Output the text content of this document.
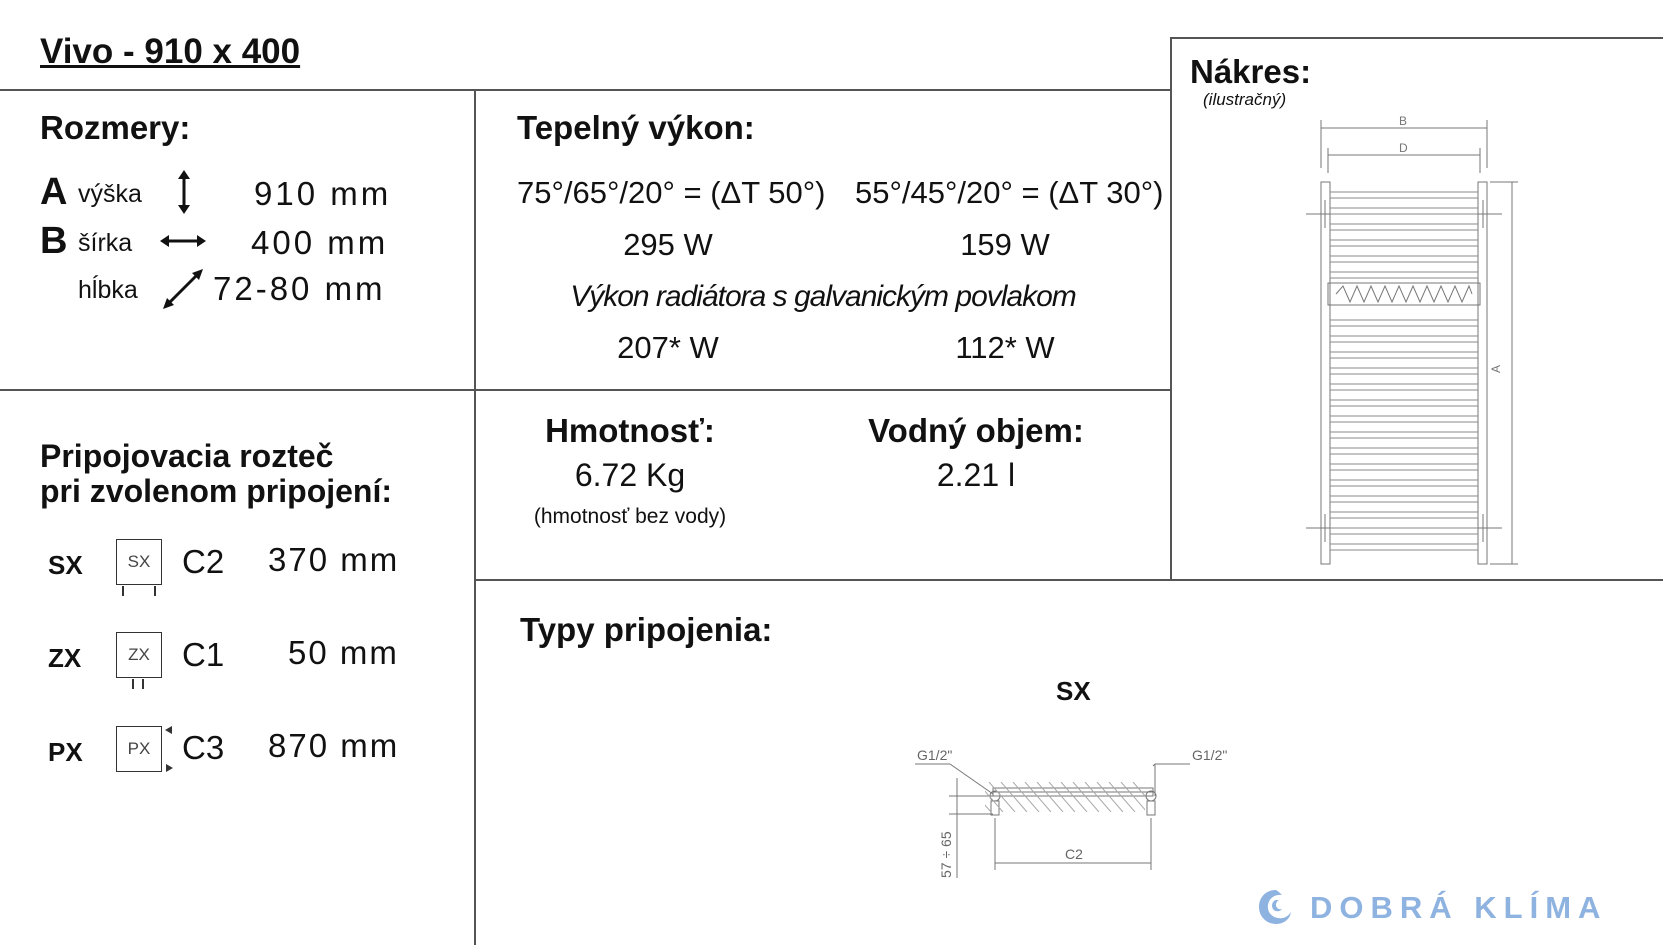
Vivo - 910 x 400
Rozmery:
A výška	910 mm
B šírka	400 mm
hĺbka 72-80 mm
Tepelný výkon:
75°/65°/20° = (ΔT 50°) 55°/45°/20° = (ΔT 30°)
295 W	159 W
Výkon radiátora s galvanickým povlakom
207* W	112* W
Hmotnosť:
6.72 Kg
(hmotnosť bez vody)
Vodný objem:
2.21 l
Nákres:
(ilustračný)
B
D
A
Pripojovacia rozteč
pri zvolenom pripojení:
SX	SX C2 370 mm
ZX	ZX C1 50 mm
PX	PX C3 870 mm
Typy pripojenia:
SX
G1/2"	G1/2"
C2
57 ÷ 65
DOBRÁ KLÍMA
